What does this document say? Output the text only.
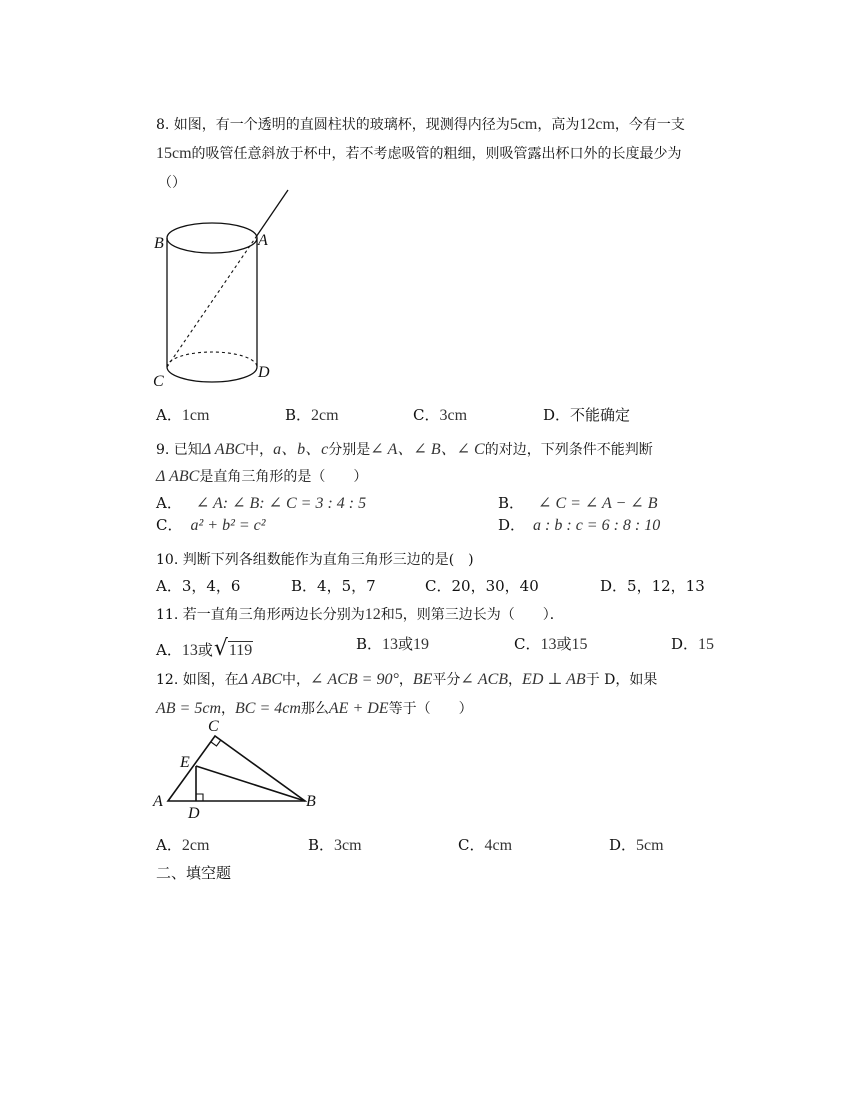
8. 如图，有一个透明的直圆柱状的玻璃杯，现测得内径为5cm，高为12cm，今有一支
15cm的吸管任意斜放于杯中，若不考虑吸管的粗细，则吸管露出杯口外的长度最少为
（）
B	A
C
D
A．1cm	B．2cm	C．3cm	D．不能确定
9. 已知Δ ABC中，a、b、c分别是∠ A、∠ B、∠ C的对边，下列条件不能判断
Δ ABC是直角三角形的是（　　）
A． ∠ A: ∠ B: ∠ C = 3 : 4 : 5	B． ∠ C = ∠ A − ∠ B
C． a² + b² = c²	D． a : b : c = 6 : 8 : 10
10. 判断下列各组数能作为直角三角形三边的是(　)
A．3，4，6	B．4，5，7	C．20，30，40	D．5，12，13
11. 若一直角三角形两边长分别为12和5，则第三边长为（　　）．
A．13或√119	B．13或19	C．13或15	D．15
12. 如图，在Δ ABC中，∠ ACB = 90°，BE平分∠ ACB，ED ⊥ AB于 D，如果
AB = 5cm，BC = 4cm那么AE + DE等于（　　）
C
E
A
D
B
A．2cm	B．3cm	C．4cm	D．5cm
二、填空题
